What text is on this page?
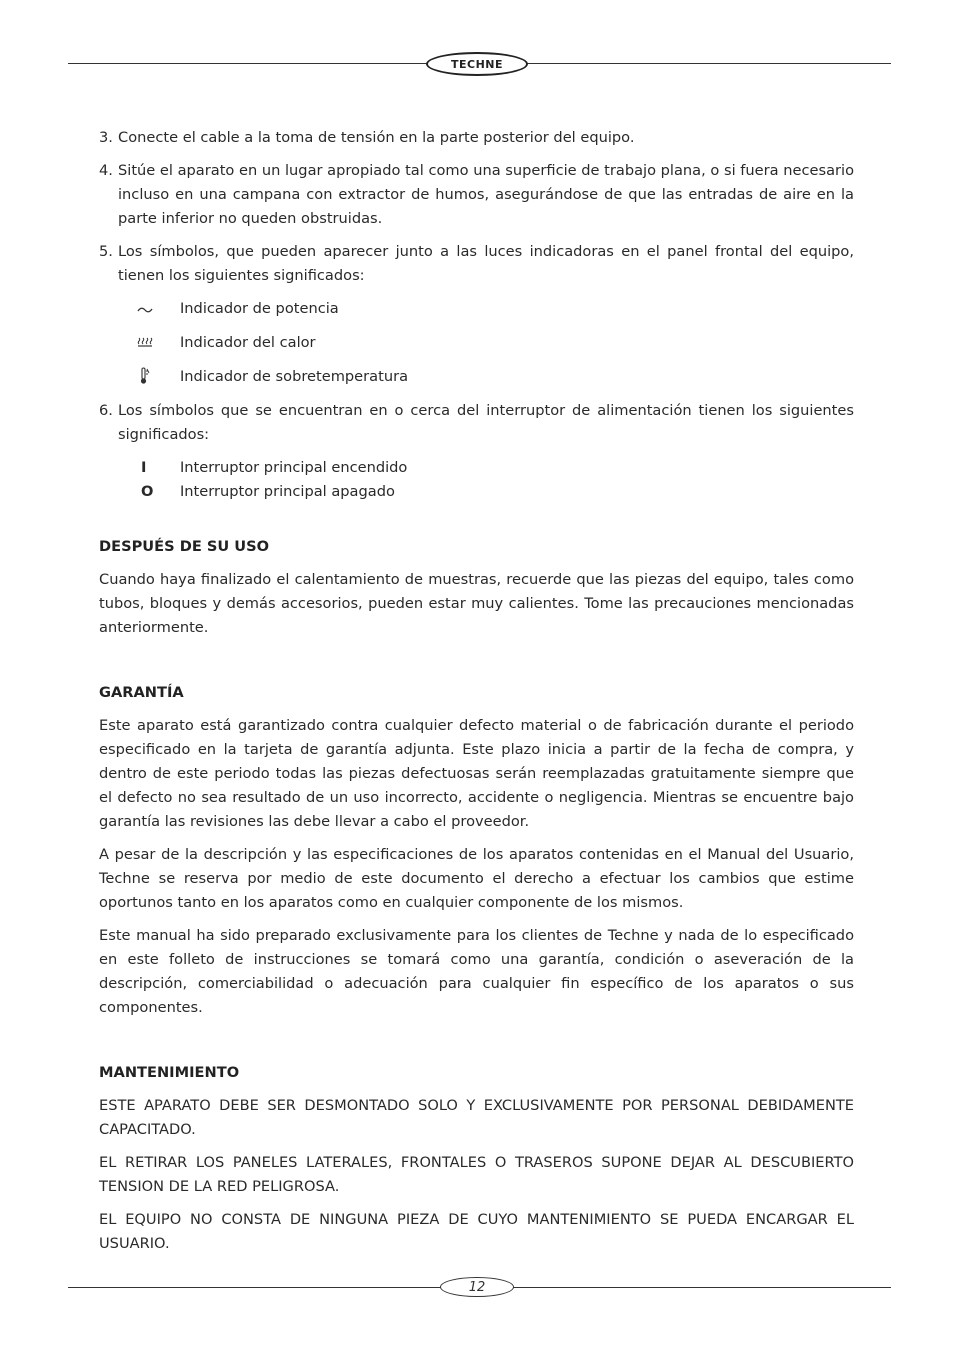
TECHNE
3. Conecte el cable a la toma de tensión en la parte posterior del equipo.
4. Sitúe el aparato en un lugar apropiado tal como una superficie de trabajo plana, o si fuera necesario incluso en una campana con extractor de humos, asegurándose de que las entradas de aire en la parte inferior no queden obstruidas.
5. Los símbolos, que pueden aparecer junto a las luces indicadoras en el panel frontal del equipo, tienen los siguientes significados:
Indicador de potencia
Indicador del calor
Indicador de sobretemperatura
6. Los símbolos que se encuentran en o cerca del interruptor de alimentación tienen los siguientes significados:
I	Interruptor principal encendido
O	Interruptor principal apagado
DESPUÉS DE SU USO

Cuando haya finalizado el calentamiento de muestras, recuerde que las piezas del equipo, tales como tubos, bloques y demás accesorios, pueden estar muy calientes. Tome las precauciones mencionadas anteriormente.

GARANTÍA

Este aparato está garantizado contra cualquier defecto material o de fabricación durante el periodo especificado en la tarjeta de garantía adjunta. Este plazo inicia a partir de la fecha de compra, y dentro de este periodo todas las piezas defectuosas serán reemplazadas gratuitamente siempre que el defecto no sea resultado de un uso incorrecto, accidente o negligencia. Mientras se encuentre bajo garantía las revisiones las debe llevar a cabo el proveedor.

A pesar de la descripción y las especificaciones de los aparatos contenidas en el Manual del Usuario, Techne se reserva por medio de este documento el derecho a efectuar los cambios que estime oportunos tanto en los aparatos como en cualquier componente de los mismos.

Este manual ha sido preparado exclusivamente para los clientes de Techne y nada de lo especificado en este folleto de instrucciones se tomará como una garantía, condición o aseveración de la descripción, comerciabilidad o adecuación para cualquier fin específico de los aparatos o sus componentes.

MANTENIMIENTO

ESTE APARATO DEBE SER DESMONTADO SOLO Y EXCLUSIVAMENTE POR PERSONAL DEBIDAMENTE CAPACITADO.

EL RETIRAR LOS PANELES LATERALES, FRONTALES O TRASEROS SUPONE DEJAR AL DESCUBIERTO TENSION DE LA RED PELIGROSA.

EL EQUIPO NO CONSTA DE NINGUNA PIEZA DE CUYO MANTENIMIENTO SE PUEDA ENCARGAR EL USUARIO.

12
